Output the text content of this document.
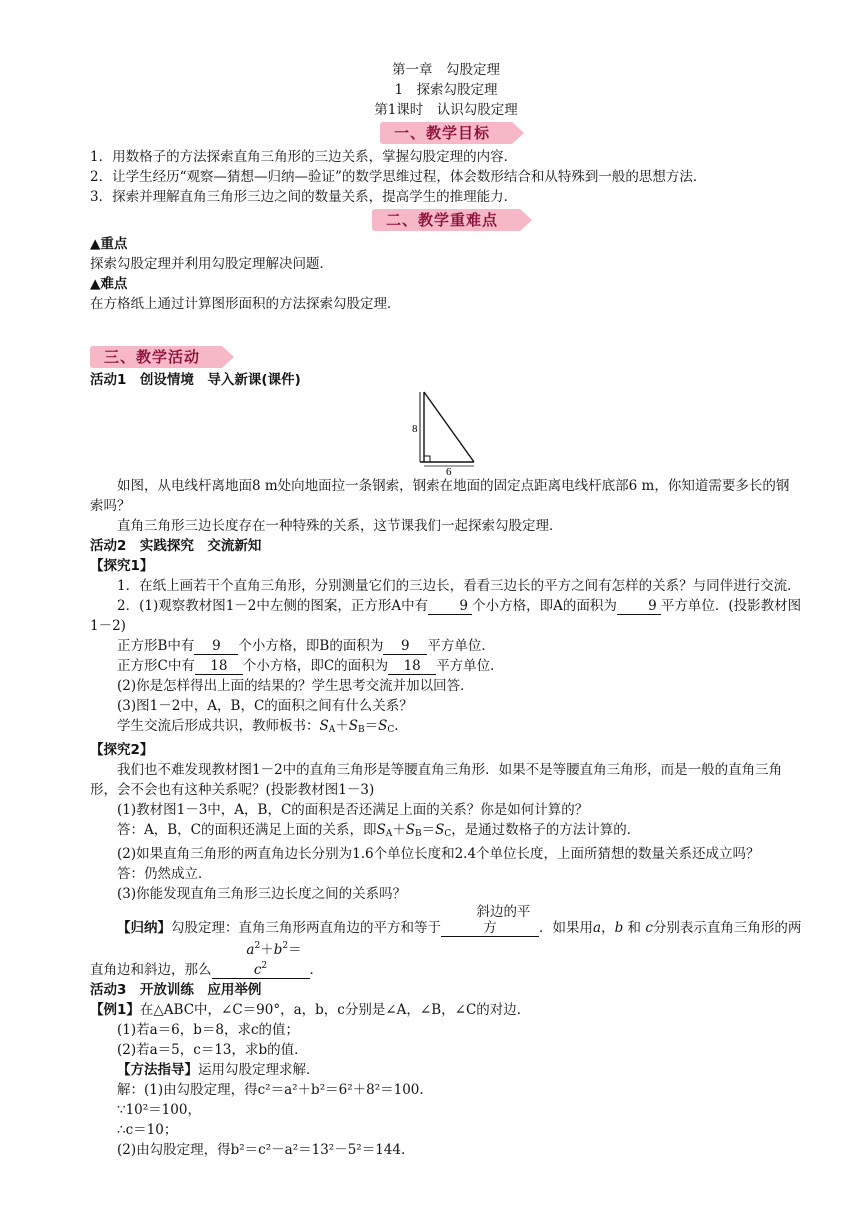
第一章　勾股定理
1　探索勾股定理
第1课时　认识勾股定理
一、教学目标

1．用数格子的方法探索直角三角形的三边关系，掌握勾股定理的内容．

2．让学生经历“观察—猜想—归纳—验证”的数学思维过程，体会数形结合和从特殊到一般的思想方法．

3．探索并理解直角三角形三边之间的数量关系，提高学生的推理能力．

二、教学重难点

▲重点

探索勾股定理并利用勾股定理解决问题．

▲难点

在方格纸上通过计算图形面积的方法探索勾股定理．

三、教学活动

活动1　创设情境　导入新课(课件)

8
6

如图，从电线杆离地面8 m处向地面拉一条钢索，钢索在地面的固定点距离电线杆底部6 m，你知道需要多长的钢索吗？

直角三角形三边长度存在一种特殊的关系，这节课我们一起探索勾股定理．

活动2　实践探究　交流新知

【探究1】

1．在纸上画若干个直角三角形，分别测量它们的三边长，看看三边长的平方之间有怎样的关系？与同伴进行交流．

2．(1)观察教材图1－2中左侧的图案，正方形A中有 9 个小方格，即A的面积为 9 平方单位．(投影教材图1－2)

正方形B中有 9 个小方格，即B的面积为 9 平方单位．

正方形C中有 18 个小方格，即C的面积为 18 平方单位．

(2)你是怎样得出上面的结果的？学生思考交流并加以回答．

(3)图1－2中，A，B，C的面积之间有什么关系？

学生交流后形成共识，教师板书：$S_A+S_B=S_C$.

【探究2】

我们也不难发现教材图1－2中的直角三角形是等腰直角三角形．如果不是等腰直角三角形，而是一般的直角三角形，会不会也有这种关系呢？(投影教材图1－3)

(1)教材图1－3中，A，B，C的面积是否还满足上面的关系？你是如何计算的？

答：A，B，C的面积还满足上面的关系，即$S_A+S_B=S_C$，是通过数格子的方法计算的．

(2)如果直角三角形的两直角边长分别为1.6个单位长度和2.4个单位长度，上面所猜想的数量关系还成立吗？

答：仍然成立．

(3)你能发现直角三角形三边长度之间的关系吗？

【归纳】勾股定理：直角三角形两直角边的平方和等于斜边的平方	．如果用a，b 和 c分别表示直角三角形的两直角边和斜边，那么$a^2+b^2=c^2$	．

活动3　开放训练　应用举例

【例1】在△ABC中，∠C＝90°，a，b，c分别是∠A，∠B，∠C的对边．

(1)若a＝6，b＝8，求c的值；

(2)若a＝5，c＝13，求b的值．

【方法指导】运用勾股定理求解．

解：(1)由勾股定理，得c²＝a²＋b²＝6²＋8²＝100.

∵10²＝100，

∴c＝10；

(2)由勾股定理，得b²＝c²－a²＝13²－5²＝144.
